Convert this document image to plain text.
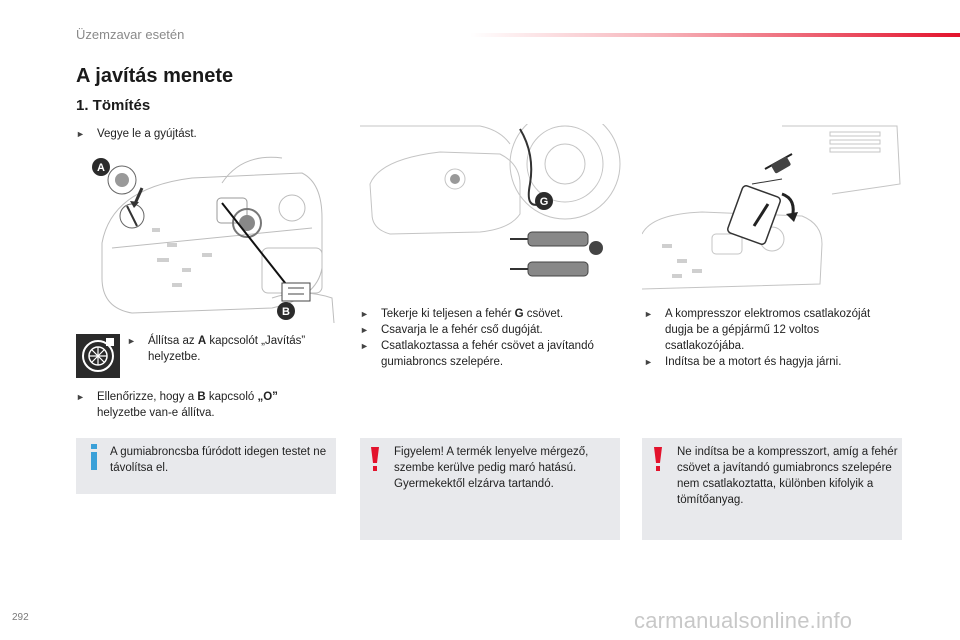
Üzemzavar esetén
A javítás menete
1. Tömítés
►	Vegye le a gyújtást.
A
B
►	Állítsa az A kapcsolót „Javítás” helyzetbe.
►	Ellenőrizze, hogy a B kapcsoló „O” helyzetbe van-e állítva.
G
►	Tekerje ki teljesen a fehér G csövet.
►	Csavarja le a fehér cső dugóját.
►	Csatlakoztassa a fehér csövet a javítandó gumiabroncs szelepére.
►	A kompresszor elektromos csatlakozóját dugja be a gépjármű 12 voltos csatlakozójába.
►	Indítsa be a motort és hagyja járni.
A gumiabroncsba fúródott idegen testet ne távolítsa el.
Figyelem! A termék lenyelve mérgező, szembe kerülve pedig maró hatású. Gyermekektől elzárva tartandó.
Ne indítsa be a kompresszort, amíg a fehér csövet a javítandó gumiabroncs szelepére nem csatlakoztatta, különben kifolyik a tömítőanyag.
292	carmanualsonline.info
